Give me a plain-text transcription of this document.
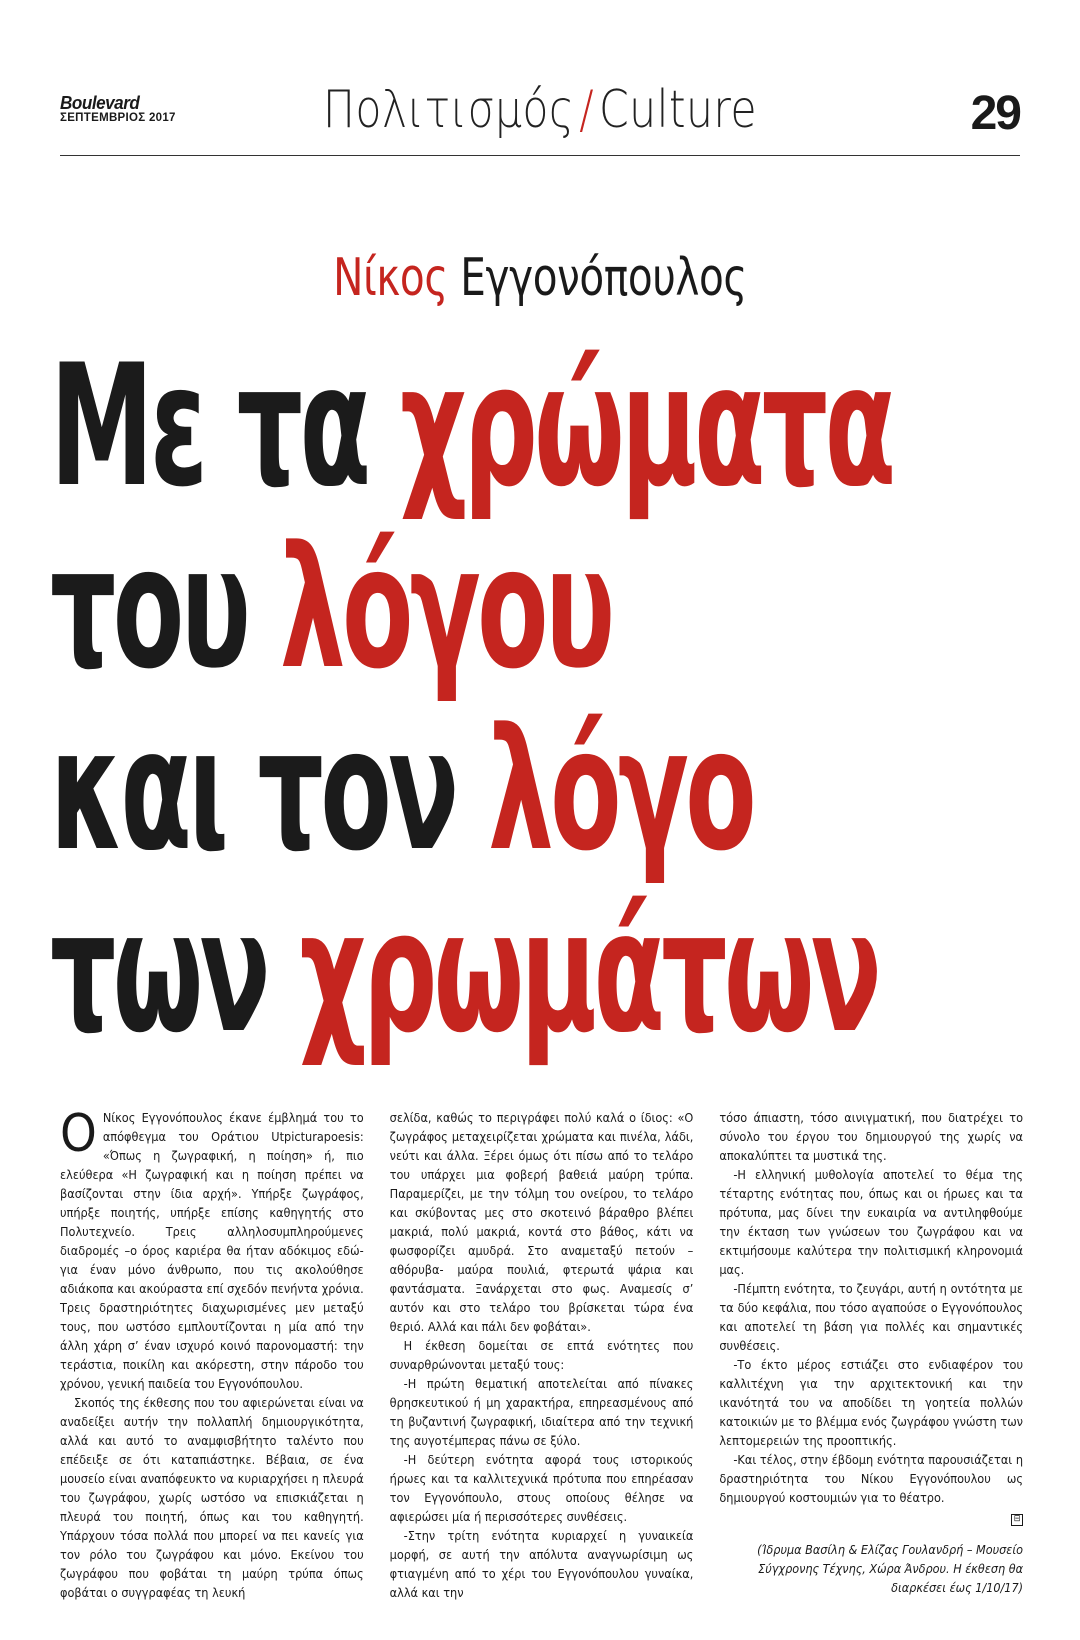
Boulevard
ΣΕΠΤΕΜΒΡΙΟΣ 2017	Πολιτισμός/Culture	29
Νίκος Εγγονόπουλος
Με τα χρώματα
του λόγου
και τον λόγο
των χρωμάτων

Ο Νίκος Εγγονόπουλος έκανε έμβλημά του το απόφθεγμα του Οράτιου Utpicturapoesis: «Όπως η ζωγραφική, η ποίηση» ή, πιο ελεύθερα «Η ζωγραφική και η ποίηση πρέπει να βασίζονται στην ίδια αρχή». Υπήρξε ζωγράφος, υπήρξε ποιητής, υπήρξε επίσης καθηγητής στο Πολυτεχνείο. Τρεις αλληλοσυμπληρούμενες διαδρομές –ο όρος καριέρα θα ήταν αδόκιμος εδώ- για έναν μόνο άνθρωπο, που τις ακολούθησε αδιάκοπα και ακούραστα επί σχεδόν πενήντα χρόνια. Τρεις δραστηριότητες διαχωρισμένες μεν μεταξύ τους, που ωστόσο εμπλουτίζονται η μία από την άλλη χάρη σ’ έναν ισχυρό κοινό παρονομαστή: την τεράστια, ποικίλη και ακόρεστη, στην πάροδο του χρόνου, γενική παιδεία του Εγγονόπουλου.

Σκοπός της έκθεσης που του αφιερώνεται είναι να αναδείξει αυτήν την πολλαπλή δημιουργικότητα, αλλά και αυτό το αναμφισβήτητο ταλέντο που επέδειξε σε ότι καταπιάστηκε. Βέβαια, σε ένα μουσείο είναι αναπόφευκτο να κυριαρχήσει η πλευρά του ζωγράφου, χωρίς ωστόσο να επισκιάζεται η πλευρά του ποιητή, όπως και του καθηγητή. Υπάρχουν τόσα πολλά που μπορεί να πει κανείς για τον ρόλο του ζωγράφου και μόνο. Εκείνου του ζωγράφου που φοβάται τη μαύρη τρύπα όπως φοβάται ο συγγραφέας τη λευκή

σελίδα, καθώς το περιγράφει πολύ καλά ο ίδιος: «Ο ζωγράφος μεταχειρίζεται χρώματα και πινέλα, λάδι, νεύτι και άλλα. Ξέρει όμως ότι πίσω από το τελάρο του υπάρχει μια φοβερή βαθειά μαύρη τρύπα. Παραμερίζει, με την τόλμη του ονείρου, το τελάρο και σκύβοντας μες στο σκοτεινό βάραθρο βλέπει μακριά, πολύ μακριά, κοντά στο βάθος, κάτι να φωσφορίζει αμυδρά. Στο αναμεταξύ πετούν –αθόρυβα- μαύρα πουλιά, φτερωτά ψάρια και φαντάσματα. Ξανάρχεται στο φως. Αναμεσίς σ’ αυτόν και στο τελάρο του βρίσκεται τώρα ένα θεριό. Αλλά και πάλι δεν φοβάται».

Η έκθεση δομείται σε επτά ενότητες που συναρθρώνονται μεταξύ τους:

-Η πρώτη θεματική αποτελείται από πίνακες θρησκευτικού ή μη χαρακτήρα, επηρεασμένους από τη βυζαντινή ζωγραφική, ιδιαίτερα από την τεχνική της αυγοτέμπερας πάνω σε ξύλο.

-Η δεύτερη ενότητα αφορά τους ιστορικούς ήρωες και τα καλλιτεχνικά πρότυπα που επηρέασαν τον Εγγονόπουλο, στους οποίους θέλησε να αφιερώσει μία ή περισσότερες συνθέσεις.

-Στην τρίτη ενότητα κυριαρχεί η γυναικεία μορφή, σε αυτή την απόλυτα αναγνωρίσιμη ως φτιαγμένη από το χέρι του Εγγονόπουλου γυναίκα, αλλά και την

τόσο άπιαστη, τόσο αινιγματική, που διατρέχει το σύνολο του έργου του δημιουργού της χωρίς να αποκαλύπτει τα μυστικά της.

-Η ελληνική μυθολογία αποτελεί το θέμα της τέταρτης ενότητας που, όπως και οι ήρωες και τα πρότυπα, μας δίνει την ευκαιρία να αντιληφθούμε την έκταση των γνώσεων του ζωγράφου και να εκτιμήσουμε καλύτερα την πολιτισμική κληρονομιά μας.

-Πέμπτη ενότητα, το ζευγάρι, αυτή η οντότητα με τα δύο κεφάλια, που τόσο αγαπούσε ο Εγγονόπουλος και αποτελεί τη βάση για πολλές και σημαντικές συνθέσεις.

-Το έκτο μέρος εστιάζει στο ενδιαφέρον του καλλιτέχνη για την αρχιτεκτονική και την ικανότητά του να αποδίδει τη γοητεία πολλών κατοικιών με το βλέμμα ενός ζωγράφου γνώστη των λεπτομερειών της προοπτικής.

-Και τέλος, στην έβδομη ενότητα παρουσιάζεται η δραστηριότητα του Νίκου Εγγονόπουλου ως δημιουργού κοστουμιών για το θέατρο.

⊟
(Ίδρυμα Βασίλη & Ελίζας Γουλανδρή – Μουσείο Σύγχρονης Τέχνης, Χώρα Άνδρου. Η έκθεση θα διαρκέσει έως 1/10/17)
